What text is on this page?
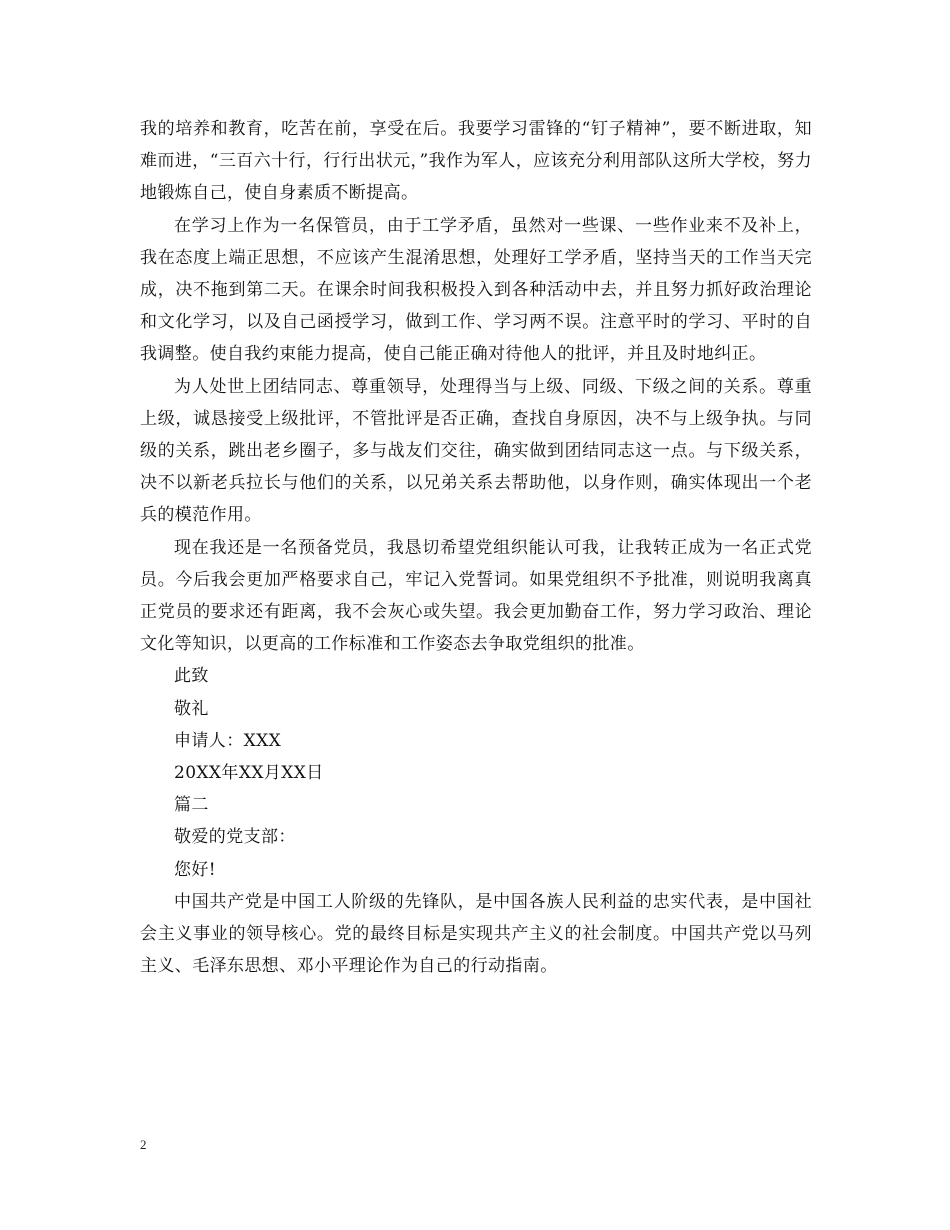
我的培养和教育，吃苦在前，享受在后。我要学习雷锋的“钉子精神”，要不断进取，知难而进，“三百六十行，行行出状元，”我作为军人，应该充分利用部队这所大学校，努力地锻炼自己，使自身素质不断提高。

在学习上作为一名保管员，由于工学矛盾，虽然对一些课、一些作业来不及补上，我在态度上端正思想，不应该产生混淆思想，处理好工学矛盾，坚持当天的工作当天完成，决不拖到第二天。在课余时间我积极投入到各种活动中去，并且努力抓好政治理论和文化学习，以及自己函授学习，做到工作、学习两不误。注意平时的学习、平时的自我调整。使自我约束能力提高，使自己能正确对待他人的批评，并且及时地纠正。

为人处世上团结同志、尊重领导，处理得当与上级、同级、下级之间的关系。尊重上级，诚恳接受上级批评，不管批评是否正确，查找自身原因，决不与上级争执。与同级的关系，跳出老乡圈子，多与战友们交往，确实做到团结同志这一点。与下级关系，决不以新老兵拉长与他们的关系，以兄弟关系去帮助他，以身作则，确实体现出一个老兵的模范作用。

现在我还是一名预备党员，我恳切希望党组织能认可我，让我转正成为一名正式党员。今后我会更加严格要求自己，牢记入党誓词。如果党组织不予批准，则说明我离真正党员的要求还有距离，我不会灰心或失望。我会更加勤奋工作，努力学习政治、理论文化等知识，以更高的工作标准和工作姿态去争取党组织的批准。

此致

敬礼

申请人：XXX

20XX年XX月XX日

篇二

敬爱的党支部：

您好!

中国共产党是中国工人阶级的先锋队，是中国各族人民利益的忠实代表，是中国社会主义事业的领导核心。党的最终目标是实现共产主义的社会制度。中国共产党以马列主义、毛泽东思想、邓小平理论作为自己的行动指南。

2
